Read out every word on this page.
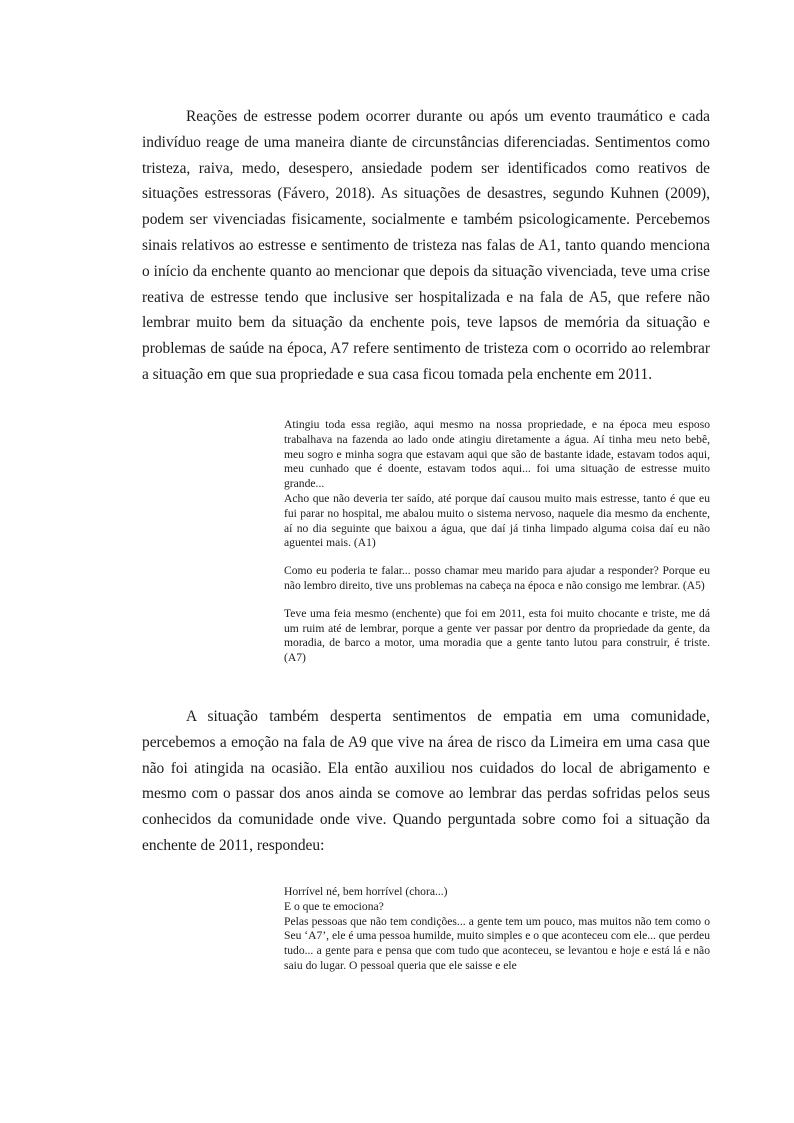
Reações de estresse podem ocorrer durante ou após um evento traumático e cada indivíduo reage de uma maneira diante de circunstâncias diferenciadas. Sentimentos como tristeza, raiva, medo, desespero, ansiedade podem ser identificados como reativos de situações estressoras (Fávero, 2018). As situações de desastres, segundo Kuhnen (2009), podem ser vivenciadas fisicamente, socialmente e também psicologicamente. Percebemos sinais relativos ao estresse e sentimento de tristeza nas falas de A1, tanto quando menciona o início da enchente quanto ao mencionar que depois da situação vivenciada, teve uma crise reativa de estresse tendo que inclusive ser hospitalizada e na fala de A5, que refere não lembrar muito bem da situação da enchente pois, teve lapsos de memória da situação e problemas de saúde na época, A7 refere sentimento de tristeza com o ocorrido ao relembrar a situação em que sua propriedade e sua casa ficou tomada pela enchente em 2011.

Atingiu toda essa região, aqui mesmo na nossa propriedade, e na época meu esposo trabalhava na fazenda ao lado onde atingiu diretamente a água. Aí tinha meu neto bebê, meu sogro e minha sogra que estavam aqui que são de bastante idade, estavam todos aqui, meu cunhado que é doente, estavam todos aqui... foi uma situação de estresse muito grande...

Acho que não deveria ter saído, até porque daí causou muito mais estresse, tanto é que eu fui parar no hospital, me abalou muito o sistema nervoso, naquele dia mesmo da enchente, aí no dia seguinte que baixou a água, que daí já tinha limpado alguma coisa daí eu não aguentei mais. (A1)

Como eu poderia te falar... posso chamar meu marido para ajudar a responder? Porque eu não lembro direito, tive uns problemas na cabeça na época e não consigo me lembrar. (A5)

Teve uma feia mesmo (enchente) que foi em 2011, esta foi muito chocante e triste, me dá um ruim até de lembrar, porque a gente ver passar por dentro da propriedade da gente, da moradia, de barco a motor, uma moradia que a gente tanto lutou para construir, é triste. (A7)

A situação também desperta sentimentos de empatia em uma comunidade, percebemos a emoção na fala de A9 que vive na área de risco da Limeira em uma casa que não foi atingida na ocasião. Ela então auxiliou nos cuidados do local de abrigamento e mesmo com o passar dos anos ainda se comove ao lembrar das perdas sofridas pelos seus conhecidos da comunidade onde vive. Quando perguntada sobre como foi a situação da enchente de 2011, respondeu:

Horrível né, bem horrível (chora...)

E o que te emociona?

Pelas pessoas que não tem condições... a gente tem um pouco, mas muitos não tem como o Seu ‘A7’, ele é uma pessoa humilde, muito simples e o que aconteceu com ele... que perdeu tudo... a gente para e pensa que com tudo que aconteceu, se levantou e hoje e está lá e não saiu do lugar. O pessoal queria que ele saisse e ele
